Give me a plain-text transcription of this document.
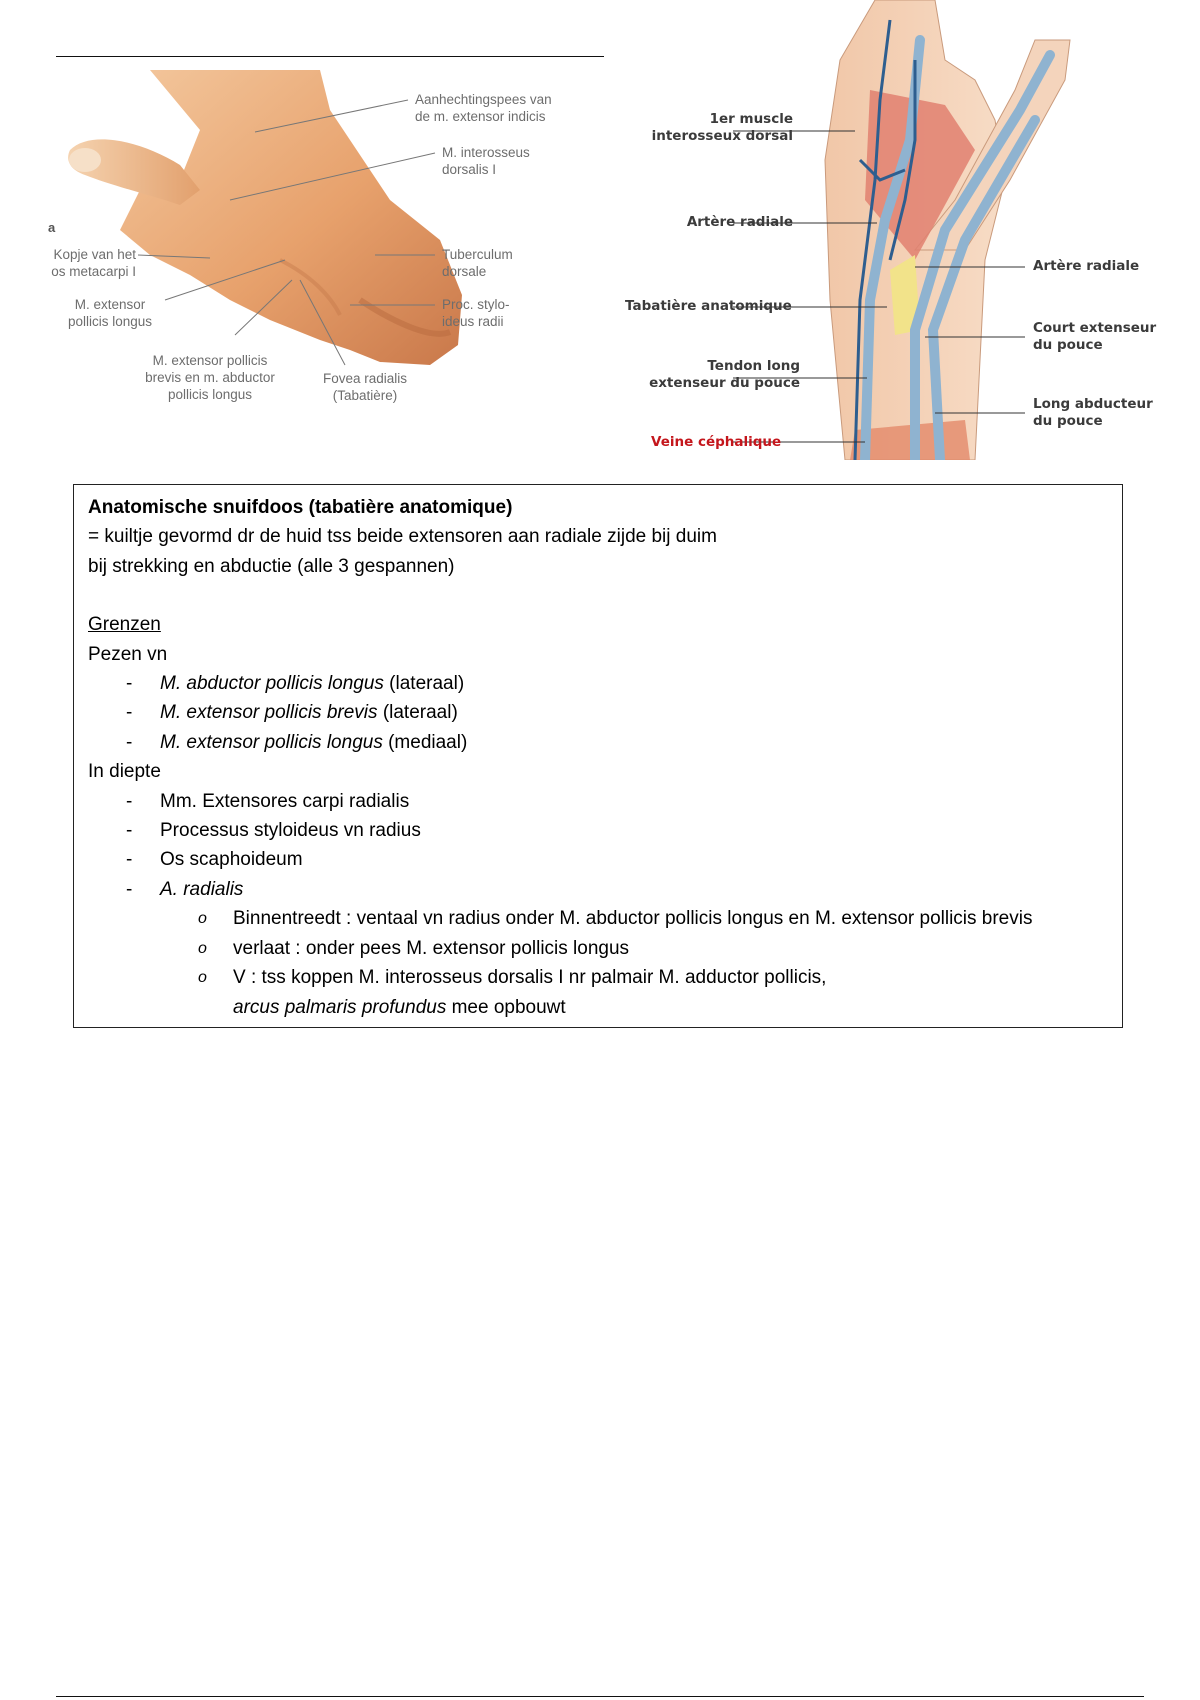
Aanhechtingspees van
de m. extensor indicis
M. interosseus
dorsalis I
Tuberculum
dorsale
Proc. stylo-
ideus radii
Kopje van het
os metacarpi I
M. extensor
pollicis longus
M. extensor pollicis
brevis en m. abductor
pollicis longus
Fovea radialis
(Tabatière)
a
1er muscle
interosseux dorsal
Artère radiale
Tabatière anatomique
Tendon long
extenseur du pouce
Veine céphalique
Artère radiale
Court extenseur
du pouce
Long abducteur
du pouce
Anatomische snuifdoos (tabatière anatomique)
= kuiltje gevormd dr de huid tss beide extensoren aan radiale zijde bij duim
bij strekking en abductie (alle 3 gespannen)
Grenzen
Pezen vn
- M. abductor pollicis longus (lateraal)
- M. extensor pollicis brevis (lateraal)
- M. extensor pollicis longus (mediaal)
In diepte
- Mm. Extensores carpi radialis
- Processus styloideus vn radius
- Os scaphoideum
- A. radialis
o Binnentreedt : ventaal vn radius onder M. abductor pollicis longus en M. extensor pollicis brevis
o verlaat : onder pees M. extensor pollicis longus
o V : tss koppen M. interosseus dorsalis I nr palmair M. adductor pollicis,
arcus palmaris profundus mee opbouwt
